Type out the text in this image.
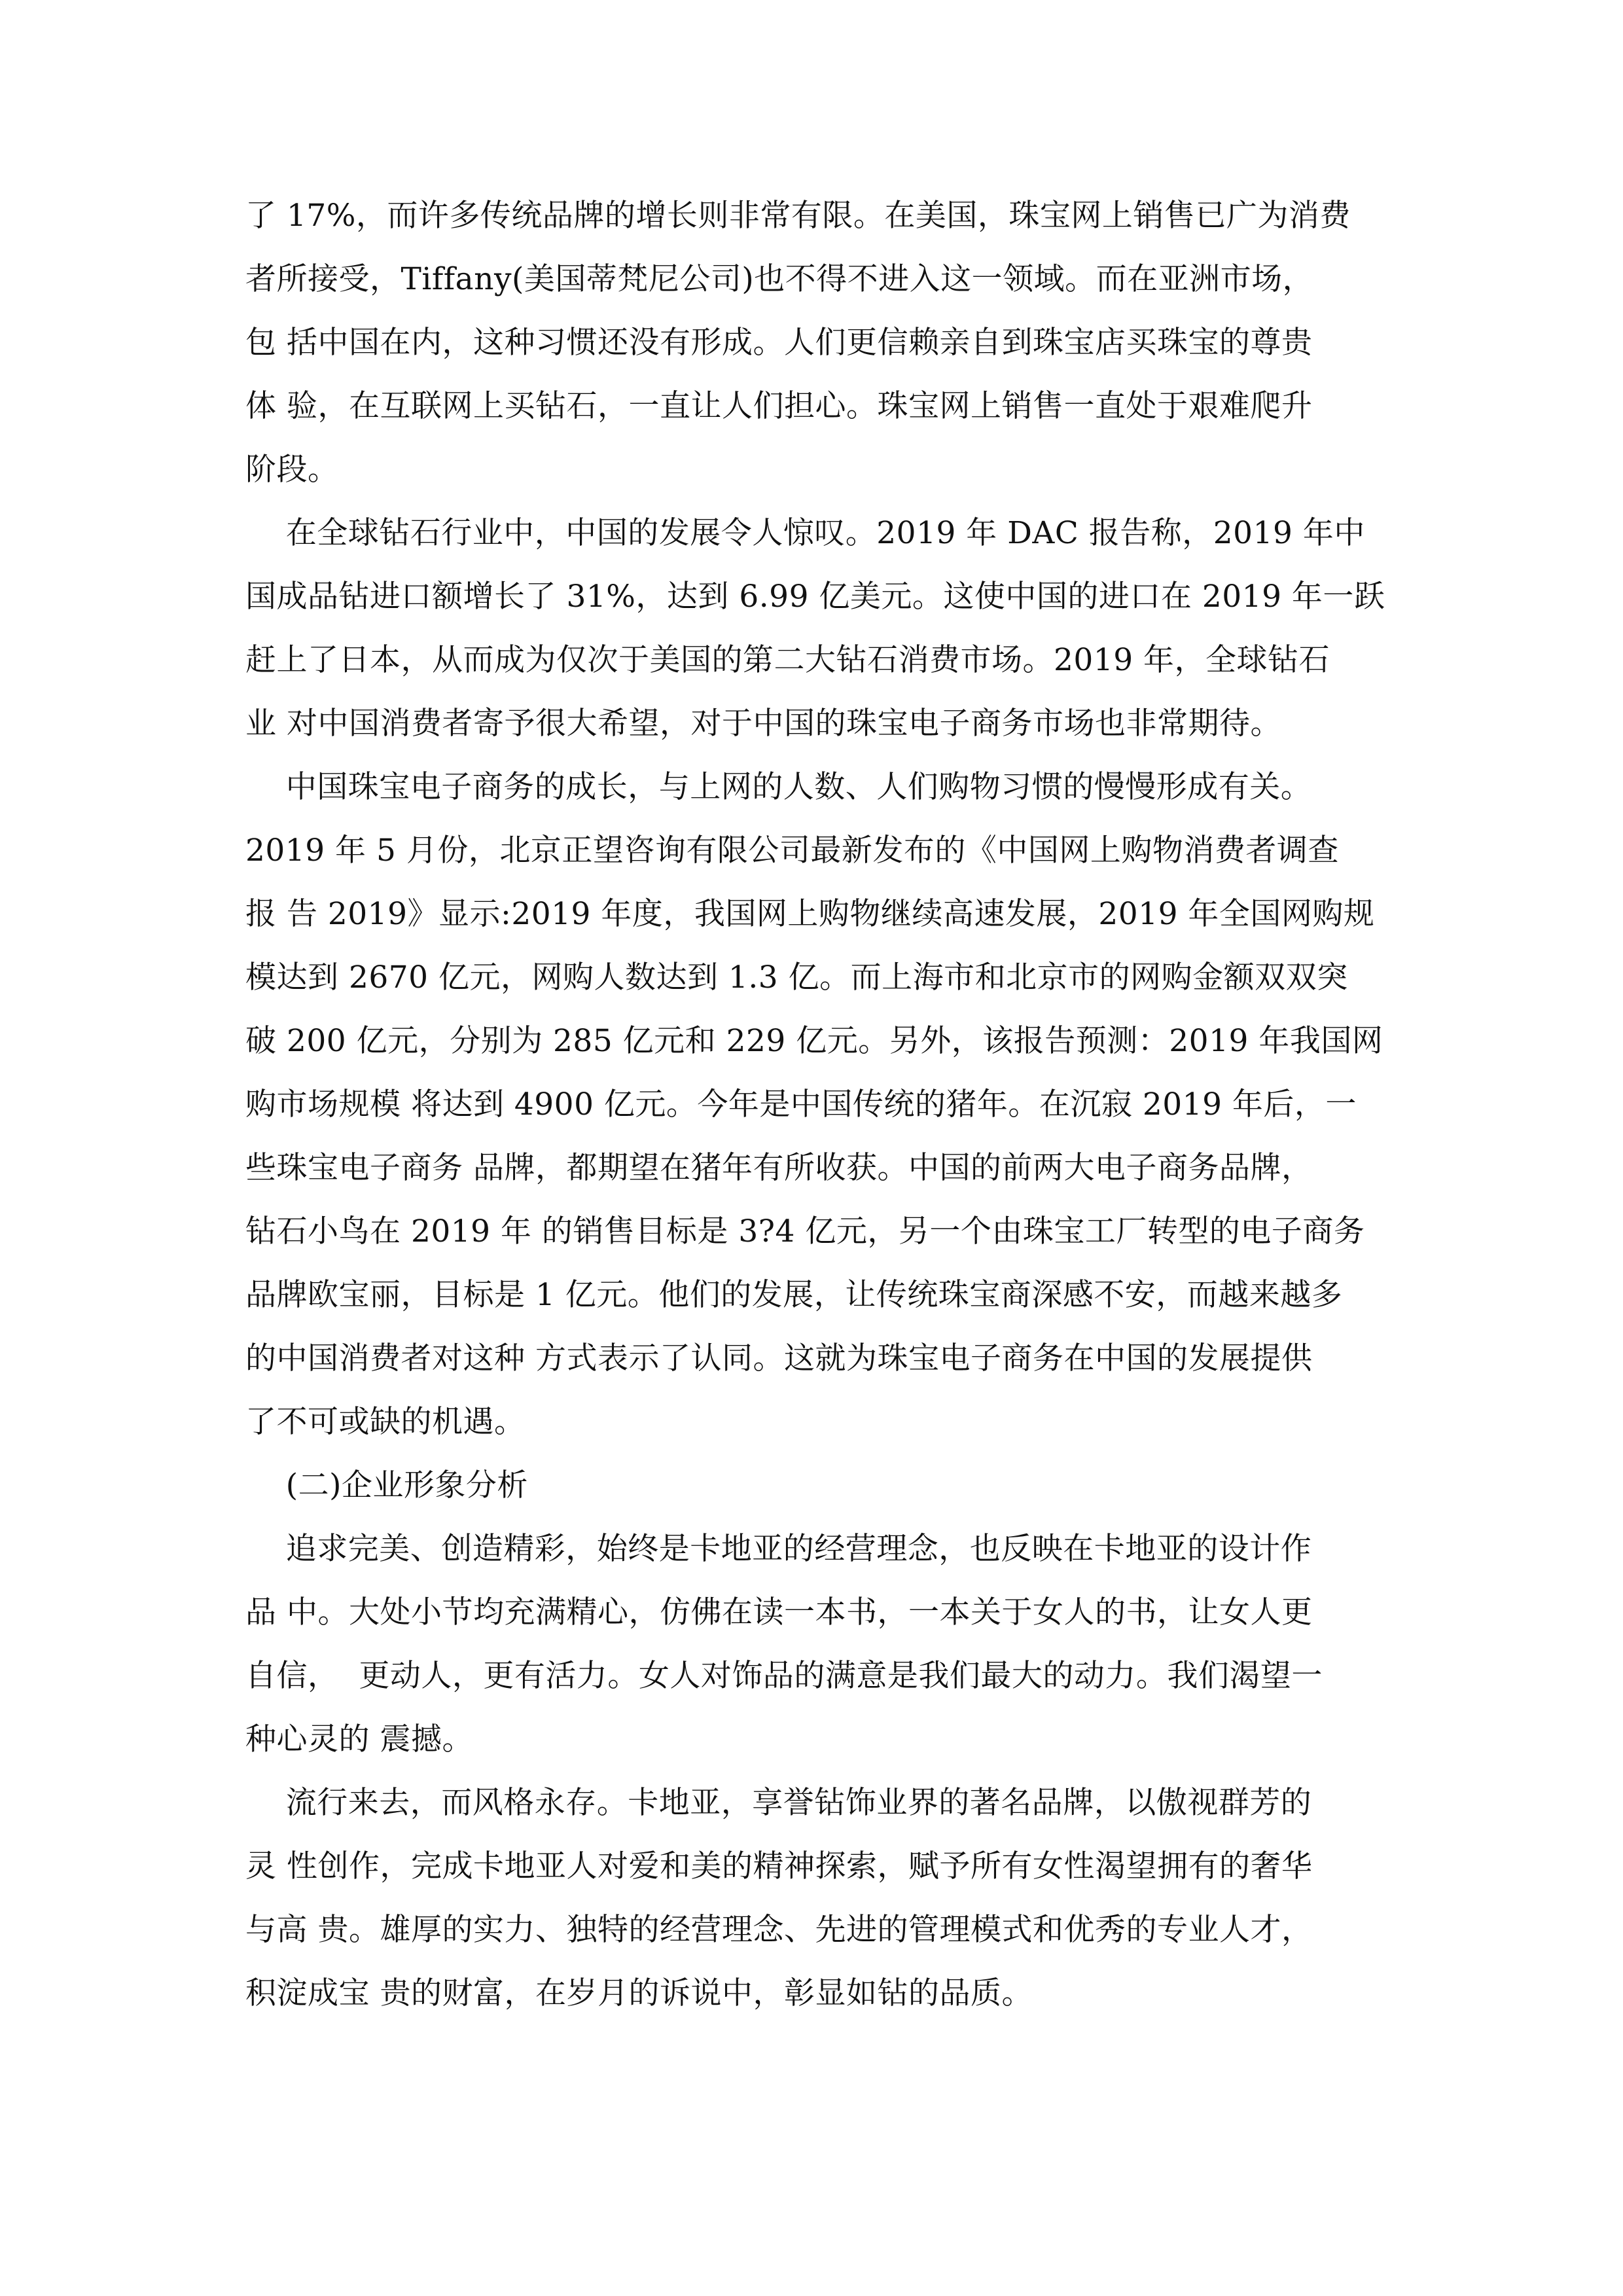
了 17%，而许多传统品牌的增长则非常有限。在美国，珠宝网上销售已广为消费
者所接受，Tiffany(美国蒂梵尼公司)也不得不进入这一领域。而在亚洲市场，
包 括中国在内，这种习惯还没有形成。人们更信赖亲自到珠宝店买珠宝的尊贵
体 验，在互联网上买钻石，一直让人们担心。珠宝网上销售一直处于艰难爬升
阶段。
在全球钻石行业中，中国的发展令人惊叹。2019 年 DAC 报告称，2019 年中
国成品钻进口额增长了 31%，达到 6.99 亿美元。这使中国的进口在 2019 年一跃
赶上了日本，从而成为仅次于美国的第二大钻石消费市场。2019 年，全球钻石
业 对中国消费者寄予很大希望，对于中国的珠宝电子商务市场也非常期待。
中国珠宝电子商务的成长，与上网的人数、人们购物习惯的慢慢形成有关。
2019 年 5 月份，北京正望咨询有限公司最新发布的《中国网上购物消费者调查
报 告 2019》显示:2019 年度，我国网上购物继续高速发展，2019 年全国网购规
模达到 2670 亿元，网购人数达到 1.3 亿。而上海市和北京市的网购金额双双突
破 200 亿元，分别为 285 亿元和 229 亿元。另外，该报告预测：2019 年我国网
购市场规模 将达到 4900 亿元。今年是中国传统的猪年。在沉寂 2019 年后，一
些珠宝电子商务 品牌，都期望在猪年有所收获。中国的前两大电子商务品牌，
钻石小鸟在 2019 年 的销售目标是 3?4 亿元，另一个由珠宝工厂转型的电子商务
品牌欧宝丽，目标是 1 亿元。他们的发展，让传统珠宝商深感不安，而越来越多
的中国消费者对这种 方式表示了认同。这就为珠宝电子商务在中国的发展提供
了不可或缺的机遇。
(二)企业形象分析
追求完美、创造精彩，始终是卡地亚的经营理念，也反映在卡地亚的设计作
品 中。大处小节均充满精心，仿佛在读一本书，一本关于女人的书，让女人更
自信，  更动人，更有活力。女人对饰品的满意是我们最大的动力。我们渴望一
种心灵的 震撼。
流行来去，而风格永存。卡地亚，享誉钻饰业界的著名品牌，以傲视群芳的
灵 性创作，完成卡地亚人对爱和美的精神探索，赋予所有女性渴望拥有的奢华
与高 贵。雄厚的实力、独特的经营理念、先进的管理模式和优秀的专业人才，
积淀成宝 贵的财富，在岁月的诉说中，彰显如钻的品质。
